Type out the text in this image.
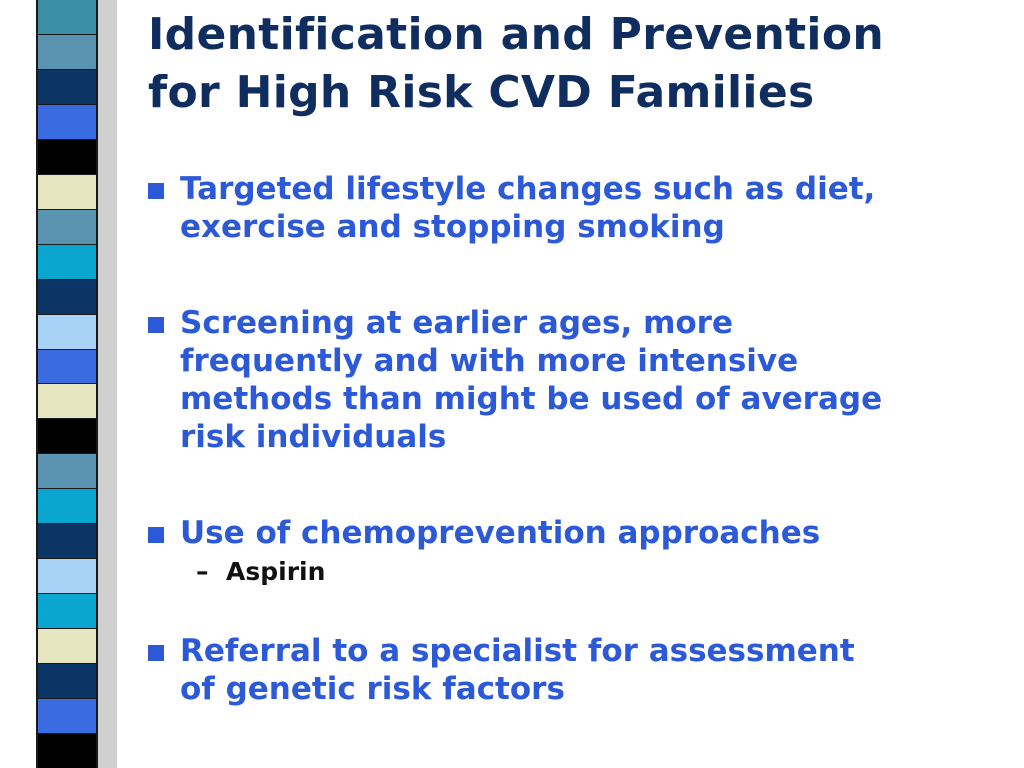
Identification and Prevention
for High Risk CVD Families
Targeted lifestyle changes such as diet,
exercise and stopping smoking
Screening at earlier ages, more
frequently and with more intensive
methods than might be used of average
risk individuals
Use of chemoprevention approaches
– Aspirin
Referral to a specialist for assessment
of genetic risk factors
